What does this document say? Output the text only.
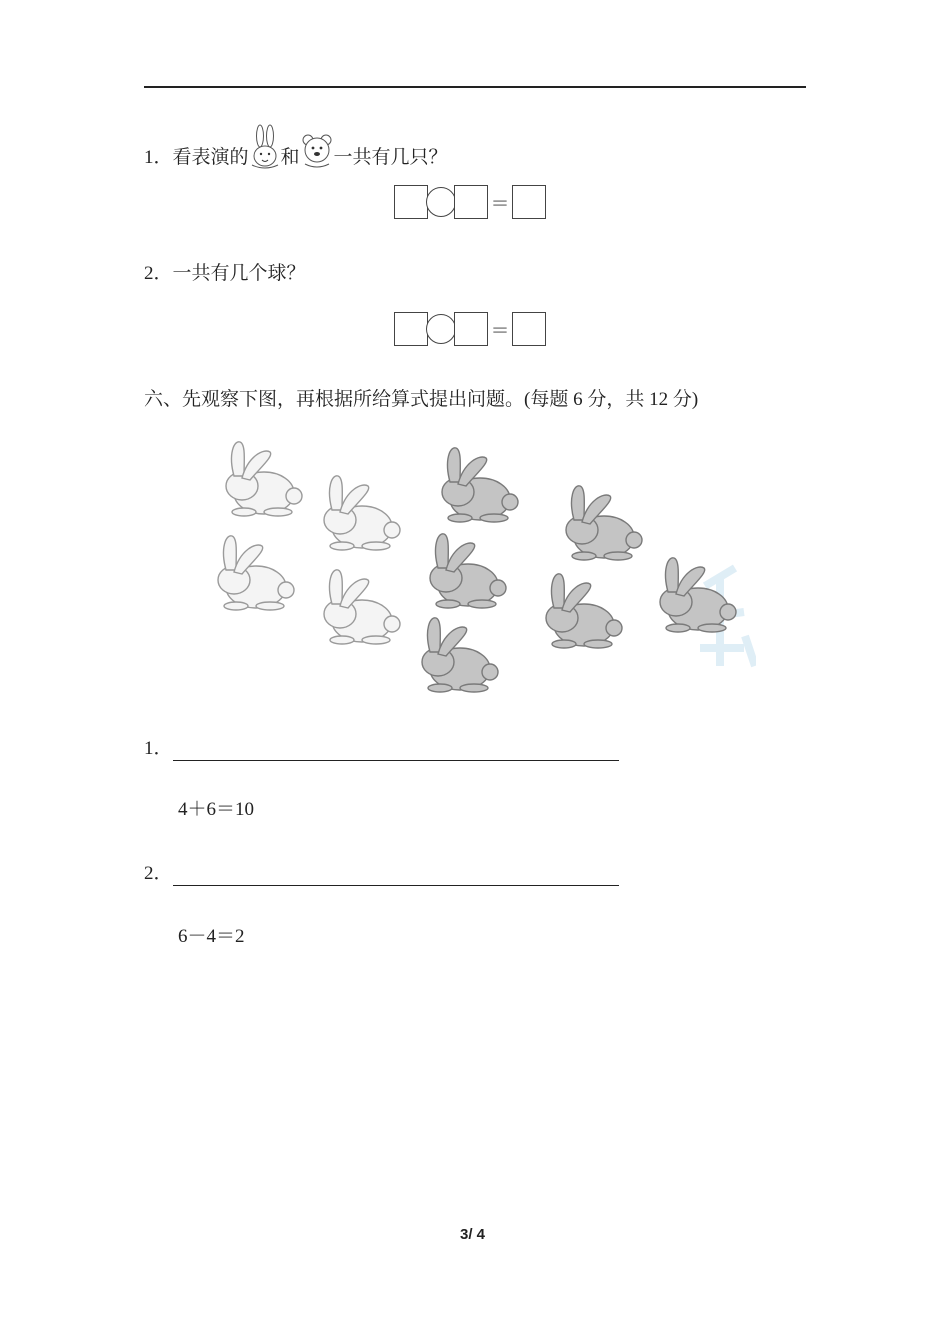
1．看表演的 和 一共有几只？
＝
2．一共有几个球？
＝
六、先观察下图，再根据所给算式提出问题。(每题 6 分，共 12 分)
1．
4＋6＝10
2．
6－4＝2
3/ 4
